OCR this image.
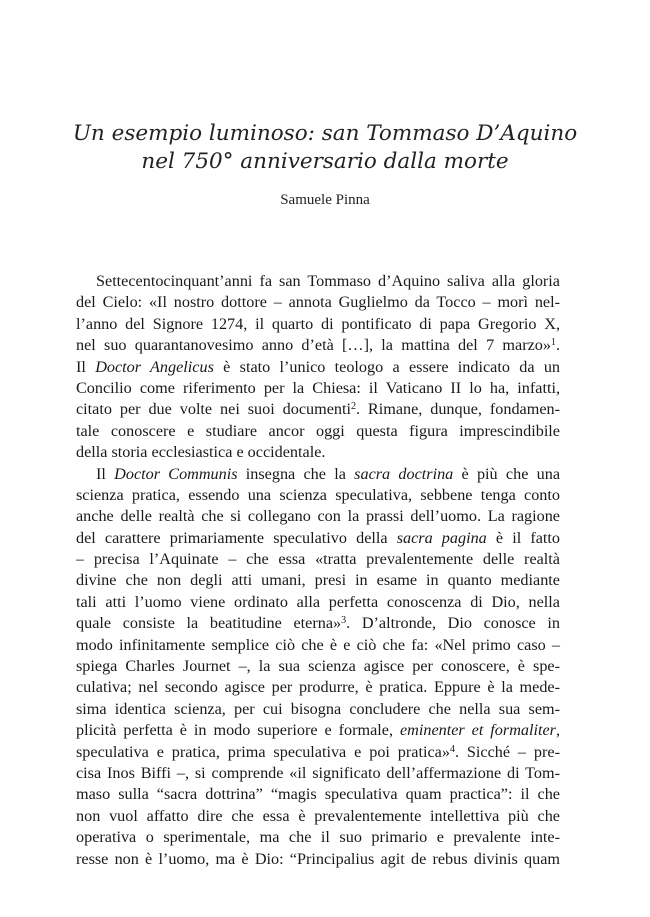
Un esempio luminoso: san Tommaso D’Aquino
nel 750° anniversario dalla morte
Samuele Pinna
Settecentocinquant’anni fa san Tommaso d’Aquino saliva alla gloria
del Cielo: «Il nostro dottore – annota Guglielmo da Tocco – morì nel-
l’anno del Signore 1274, il quarto di pontificato di papa Gregorio X,
nel suo quarantanovesimo anno d’età […], la mattina del 7 marzo»$^1$.
Il Doctor Angelicus è stato l’unico teologo a essere indicato da un
Concilio come riferimento per la Chiesa: il Vaticano II lo ha, infatti,
citato per due volte nei suoi documenti$^2$. Rimane, dunque, fondamen-
tale conoscere e studiare ancor oggi questa figura imprescindibile
della storia ecclesiastica e occidentale.
Il Doctor Communis insegna che la sacra doctrina è più che una
scienza pratica, essendo una scienza speculativa, sebbene tenga conto
anche delle realtà che si collegano con la prassi dell’uomo. La ragione
del carattere primariamente speculativo della sacra pagina è il fatto
– precisa l’Aquinate – che essa «tratta prevalentemente delle realtà
divine che non degli atti umani, presi in esame in quanto mediante
tali atti l’uomo viene ordinato alla perfetta conoscenza di Dio, nella
quale consiste la beatitudine eterna»$^3$. D’altronde, Dio conosce in
modo infinitamente semplice ciò che è e ciò che fa: «Nel primo caso –
spiega Charles Journet –, la sua scienza agisce per conoscere, è spe-
culativa; nel secondo agisce per produrre, è pratica. Eppure è la mede-
sima identica scienza, per cui bisogna concludere che nella sua sem-
plicità perfetta è in modo superiore e formale, eminenter et formaliter,
speculativa e pratica, prima speculativa e poi pratica»$^4$. Sicché – pre-
cisa Inos Biffi –, si comprende «il significato dell’affermazione di Tom-
maso sulla “sacra dottrina” “magis speculativa quam practica”: il che
non vuol affatto dire che essa è prevalentemente intellettiva più che
operativa o sperimentale, ma che il suo primario e prevalente inte-
resse non è l’uomo, ma è Dio: “Principalius agit de rebus divinis quam
